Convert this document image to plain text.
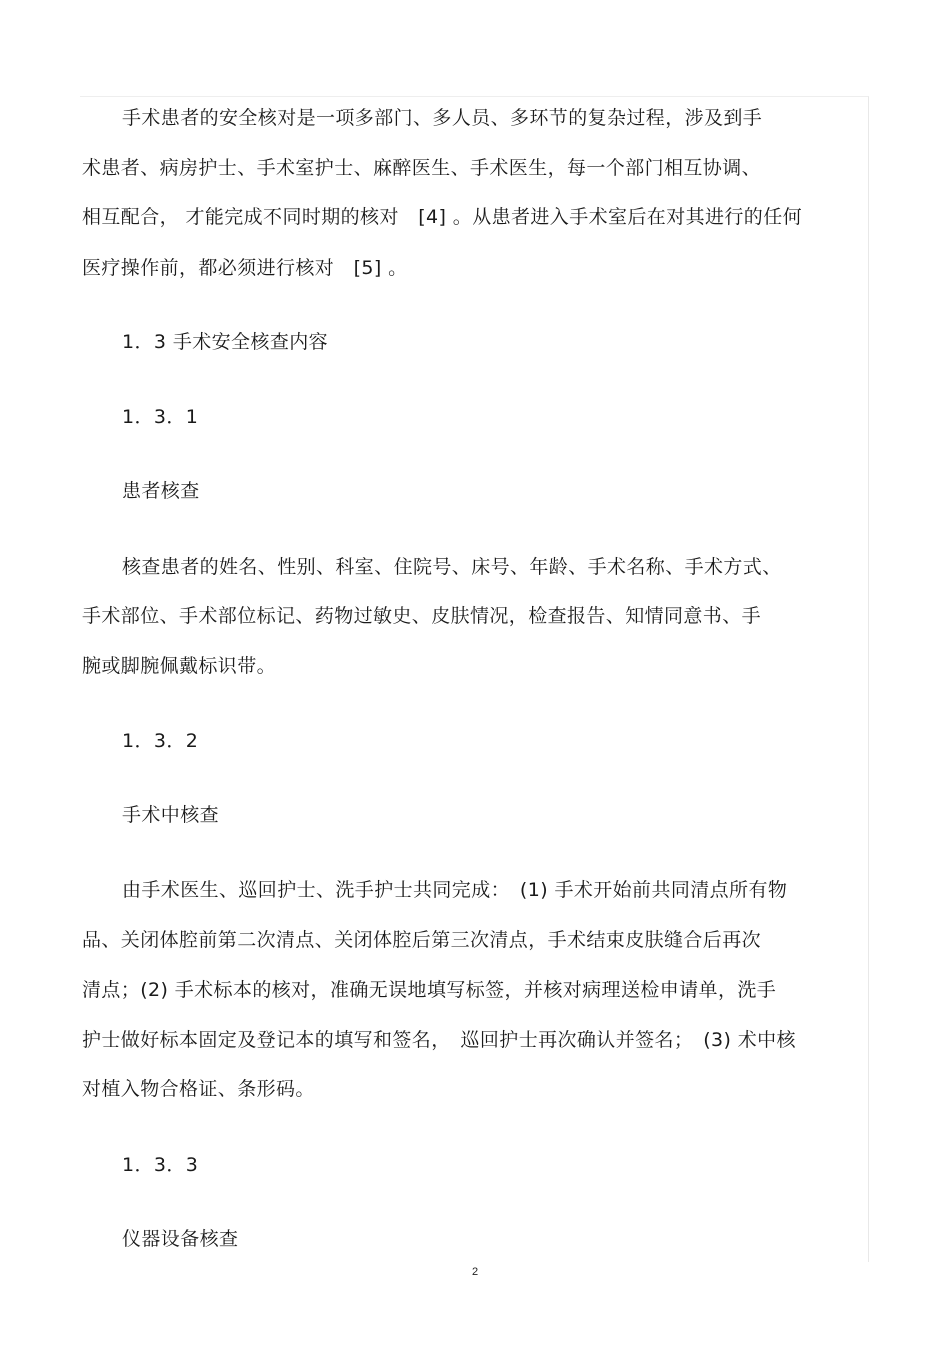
手术患者的安全核对是一项多部门、多人员、多环节的复杂过程，涉及到手
术患者、病房护士、手术室护士、麻醉医生、手术医生，每一个部门相互协调、
相互配合， 才能完成不同时期的核对　[4] 。从患者进入手术室后在对其进行的任何
医疗操作前，都必须进行核对　[5] 。
1．3 手术安全核查内容
1．3．1
患者核查
核查患者的姓名、性别、科室、住院号、床号、年龄、手术名称、手术方式、
手术部位、手术部位标记、药物过敏史、皮肤情况，检查报告、知情同意书、手
腕或脚腕佩戴标识带。
1．3．2
手术中核查
由手术医生、巡回护士、洗手护士共同完成：　(1) 手术开始前共同清点所有物
品、关闭体腔前第二次清点、关闭体腔后第三次清点，手术结束皮肤缝合后再次
清点；(2) 手术标本的核对，准确无误地填写标签，并核对病理送检申请单，洗手
护士做好标本固定及登记本的填写和签名，　巡回护士再次确认并签名；　(3) 术中核
对植入物合格证、条形码。
1．3．3
仪器设备核查
2
